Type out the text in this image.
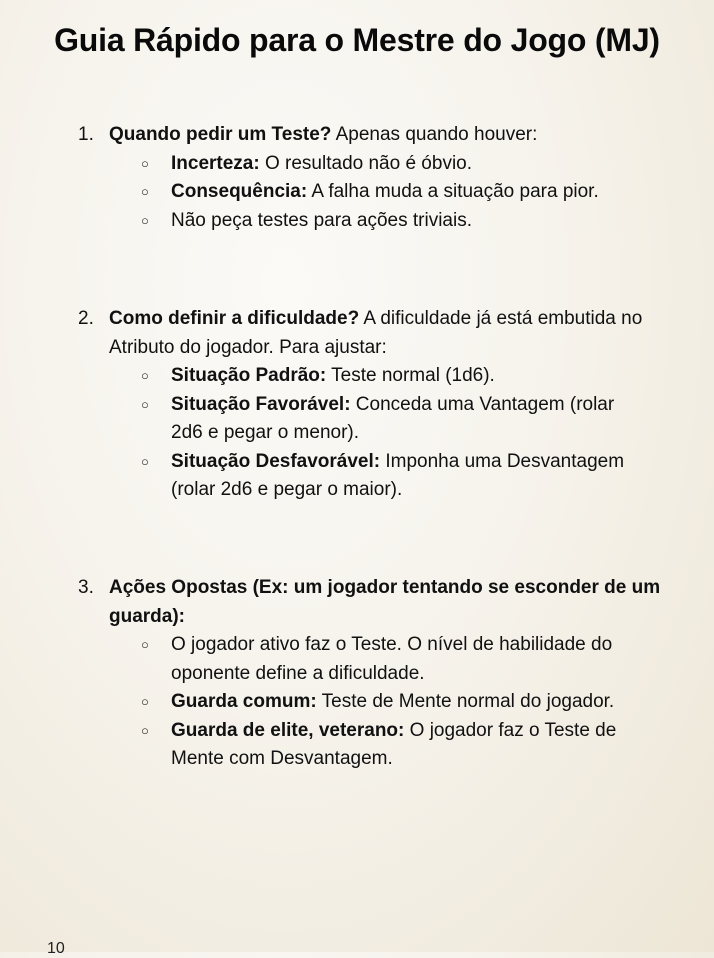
Guia Rápido para o Mestre do Jogo (MJ)
1. Quando pedir um Teste? Apenas quando houver:
○	Incerteza: O resultado não é óbvio.
○	Consequência: A falha muda a situação para pior.
○	Não peça testes para ações triviais.
2. Como definir a dificuldade? A dificuldade já está embutida no Atributo do jogador. Para ajustar:
○	Situação Padrão: Teste normal (1d6).
○	Situação Favorável: Conceda uma Vantagem (rolar 2d6 e pegar o menor).
○	Situação Desfavorável: Imponha uma Desvantagem (rolar 2d6 e pegar o maior).
3. Ações Opostas (Ex: um jogador tentando se esconder de um guarda):
○	O jogador ativo faz o Teste. O nível de habilidade do oponente define a dificuldade.
○	Guarda comum: Teste de Mente normal do jogador.
○	Guarda de elite, veterano: O jogador faz o Teste de Mente com Desvantagem.
10
